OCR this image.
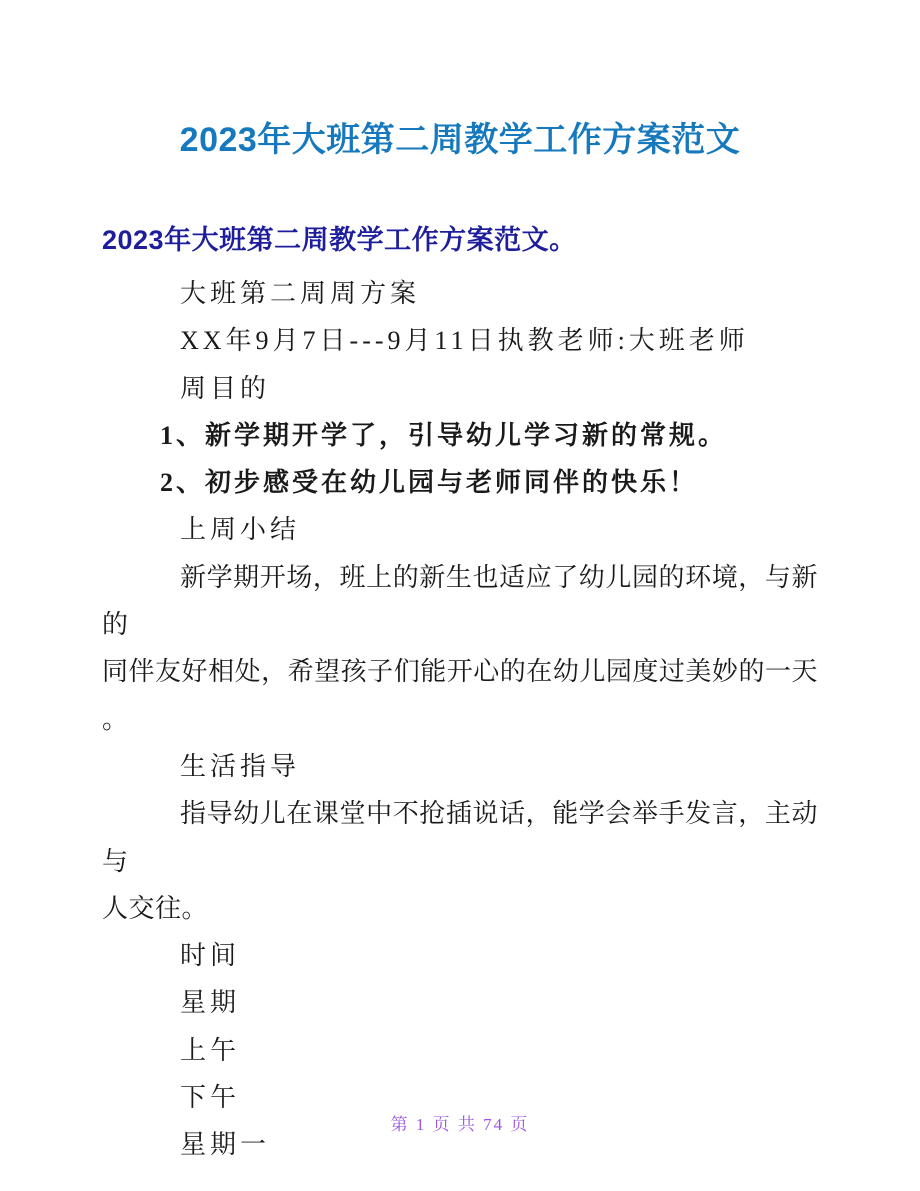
2023年大班第二周教学工作方案范文

2023年大班第二周教学工作方案范文。

大班第二周周方案
XX年9月7日---9月11日执教老师:大班老师
周目的
1、新学期开学了，引导幼儿学习新的常规。
2、初步感受在幼儿园与老师同伴的快乐！
上周小结
新学期开场，班上的新生也适应了幼儿园的环境，与新的
同伴友好相处，希望孩子们能开心的在幼儿园度过美妙的一天
。
生活指导
指导幼儿在课堂中不抢插说话，能学会举手发言，主动与
人交往。
时间
星期
上午
下午
星期一
第 1 页 共 74 页
